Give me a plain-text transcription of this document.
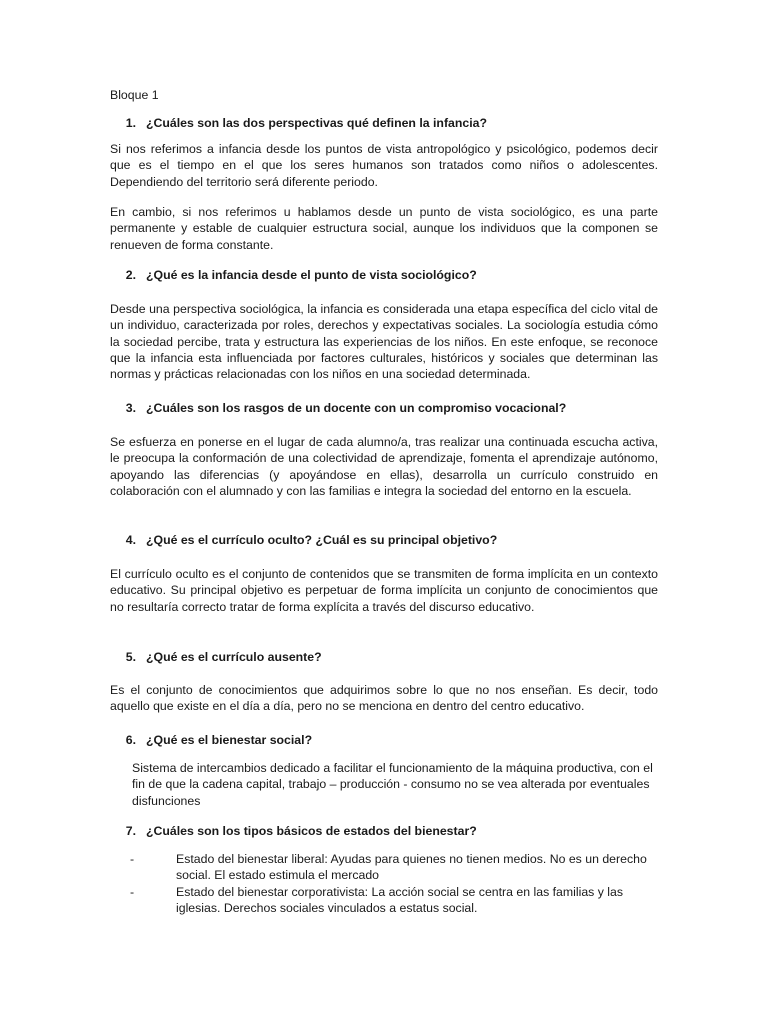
Bloque 1

1. ¿Cuáles son las dos perspectivas qué definen la infancia?

Si nos referimos a infancia desde los puntos de vista antropológico y psicológico, podemos decir que es el tiempo en el que los seres humanos son tratados como niños o adolescentes. Dependiendo del territorio será diferente periodo.

En cambio, si nos referimos u hablamos desde un punto de vista sociológico, es una parte permanente y estable de cualquier estructura social, aunque los individuos que la componen se renueven de forma constante.

2. ¿Qué es la infancia desde el punto de vista sociológico?

Desde una perspectiva sociológica, la infancia es considerada una etapa específica del ciclo vital de un individuo, caracterizada por roles, derechos y expectativas sociales. La sociología estudia cómo la sociedad percibe, trata y estructura las experiencias de los niños. En este enfoque, se reconoce que la infancia esta influenciada por factores culturales, históricos y sociales que determinan las normas y prácticas relacionadas con los niños en una sociedad determinada.

3. ¿Cuáles son los rasgos de un docente con un compromiso vocacional?

Se esfuerza en ponerse en el lugar de cada alumno/a, tras realizar una continuada escucha activa, le preocupa la conformación de una colectividad de aprendizaje, fomenta el aprendizaje autónomo, apoyando las diferencias (y apoyándose en ellas), desarrolla un currículo construido en colaboración con el alumnado y con las familias e integra la sociedad del entorno en la escuela.

4. ¿Qué es el currículo oculto? ¿Cuál es su principal objetivo?

El currículo oculto es el conjunto de contenidos que se transmiten de forma implícita en un contexto educativo. Su principal objetivo es perpetuar de forma implícita un conjunto de conocimientos que no resultaría correcto tratar de forma explícita a través del discurso educativo.

5. ¿Qué es el currículo ausente?

Es el conjunto de conocimientos que adquirimos sobre lo que no nos enseñan. Es decir, todo aquello que existe en el día a día, pero no se menciona en dentro del centro educativo.

6. ¿Qué es el bienestar social?

Sistema de intercambios dedicado a facilitar el funcionamiento de la máquina productiva, con el fin de que la cadena capital, trabajo – producción - consumo no se vea alterada por eventuales disfunciones

7. ¿Cuáles son los tipos básicos de estados del bienestar?
-	Estado del bienestar liberal: Ayudas para quienes no tienen medios. No es un derecho social. El estado estimula el mercado
-	Estado del bienestar corporativista: La acción social se centra en las familias y las iglesias. Derechos sociales vinculados a estatus social.
